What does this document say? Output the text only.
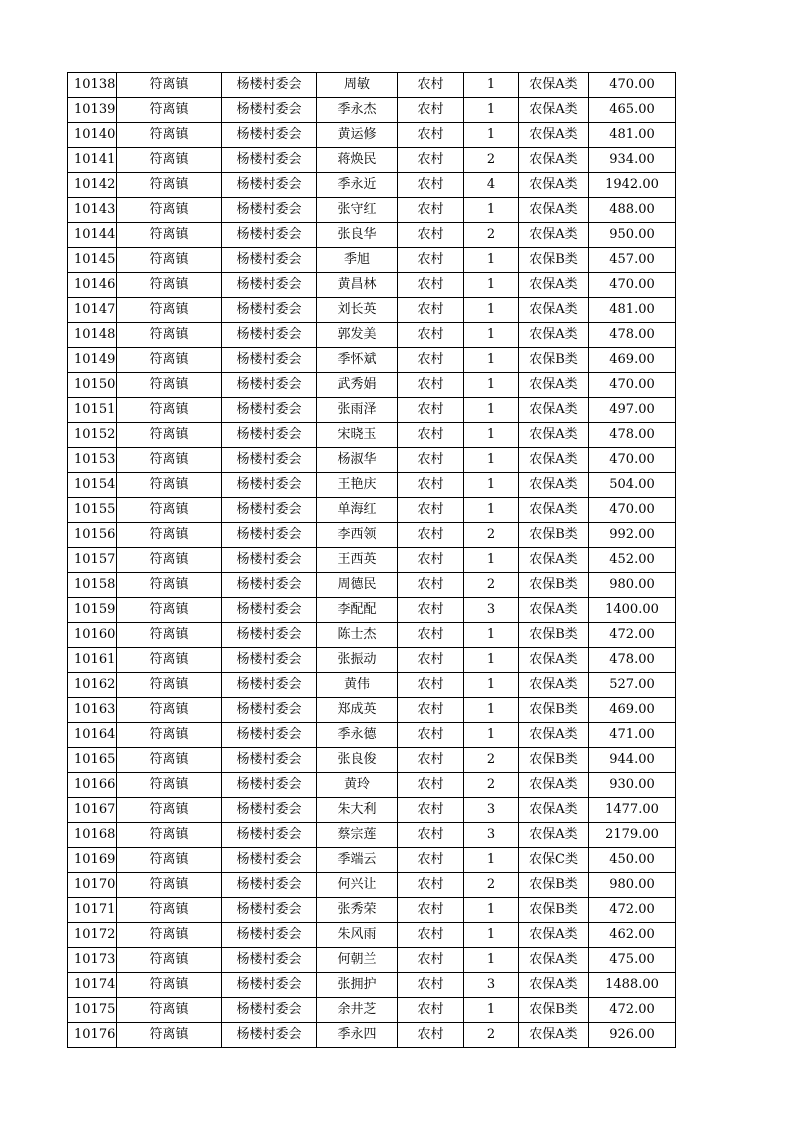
10138	符离镇	杨楼村委会	周敏	农村	1	农保A类	470.00
10139	符离镇	杨楼村委会	季永杰	农村	1	农保A类	465.00
10140	符离镇	杨楼村委会	黄运修	农村	1	农保A类	481.00
10141	符离镇	杨楼村委会	蒋焕民	农村	2	农保A类	934.00
10142	符离镇	杨楼村委会	季永近	农村	4	农保A类	1942.00
10143	符离镇	杨楼村委会	张守红	农村	1	农保A类	488.00
10144	符离镇	杨楼村委会	张良华	农村	2	农保A类	950.00
10145	符离镇	杨楼村委会	季旭	农村	1	农保B类	457.00
10146	符离镇	杨楼村委会	黄昌林	农村	1	农保A类	470.00
10147	符离镇	杨楼村委会	刘长英	农村	1	农保A类	481.00
10148	符离镇	杨楼村委会	郭发美	农村	1	农保A类	478.00
10149	符离镇	杨楼村委会	季怀斌	农村	1	农保B类	469.00
10150	符离镇	杨楼村委会	武秀娟	农村	1	农保A类	470.00
10151	符离镇	杨楼村委会	张雨泽	农村	1	农保A类	497.00
10152	符离镇	杨楼村委会	宋晓玉	农村	1	农保A类	478.00
10153	符离镇	杨楼村委会	杨淑华	农村	1	农保A类	470.00
10154	符离镇	杨楼村委会	王艳庆	农村	1	农保A类	504.00
10155	符离镇	杨楼村委会	单海红	农村	1	农保A类	470.00
10156	符离镇	杨楼村委会	李西领	农村	2	农保B类	992.00
10157	符离镇	杨楼村委会	王西英	农村	1	农保A类	452.00
10158	符离镇	杨楼村委会	周德民	农村	2	农保B类	980.00
10159	符离镇	杨楼村委会	李配配	农村	3	农保A类	1400.00
10160	符离镇	杨楼村委会	陈士杰	农村	1	农保B类	472.00
10161	符离镇	杨楼村委会	张振动	农村	1	农保A类	478.00
10162	符离镇	杨楼村委会	黄伟	农村	1	农保A类	527.00
10163	符离镇	杨楼村委会	郑成英	农村	1	农保B类	469.00
10164	符离镇	杨楼村委会	季永德	农村	1	农保A类	471.00
10165	符离镇	杨楼村委会	张良俊	农村	2	农保B类	944.00
10166	符离镇	杨楼村委会	黄玲	农村	2	农保A类	930.00
10167	符离镇	杨楼村委会	朱大利	农村	3	农保A类	1477.00
10168	符离镇	杨楼村委会	蔡宗莲	农村	3	农保A类	2179.00
10169	符离镇	杨楼村委会	季端云	农村	1	农保C类	450.00
10170	符离镇	杨楼村委会	何兴让	农村	2	农保B类	980.00
10171	符离镇	杨楼村委会	张秀荣	农村	1	农保B类	472.00
10172	符离镇	杨楼村委会	朱风雨	农村	1	农保A类	462.00
10173	符离镇	杨楼村委会	何朝兰	农村	1	农保A类	475.00
10174	符离镇	杨楼村委会	张拥护	农村	3	农保A类	1488.00
10175	符离镇	杨楼村委会	余井芝	农村	1	农保B类	472.00
10176	符离镇	杨楼村委会	季永四	农村	2	农保A类	926.00
